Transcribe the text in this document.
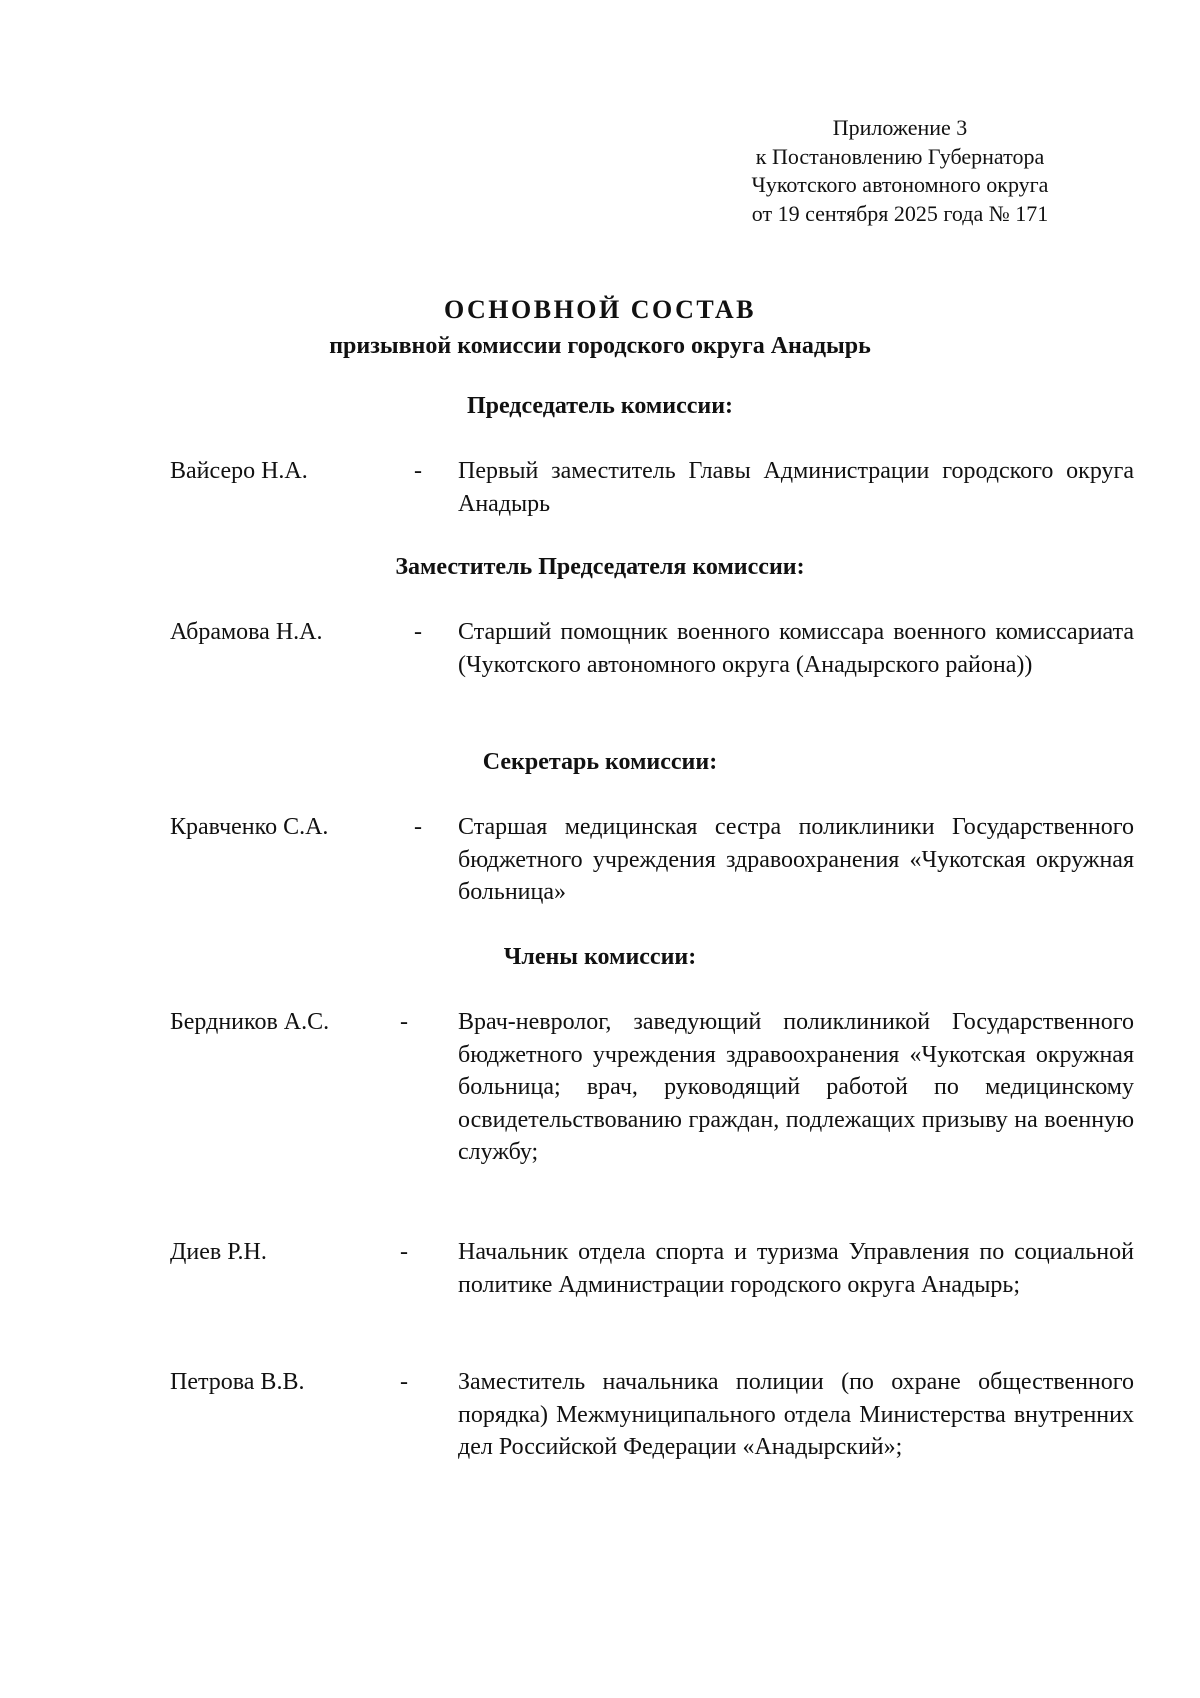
Приложение 3
к Постановлению Губернатора
Чукотского автономного округа
от 19 сентября 2025 года № 171
ОСНОВНОЙ СОСТАВ
призывной комиссии городского округа Анадырь
Председатель комиссии:
Вайсеро Н.А.	- Первый заместитель Главы Администрации городского округа Анадырь
Заместитель Председателя комиссии:
Абрамова Н.А.	- Старший помощник военного комиссара военного комиссариата (Чукотского автономного округа (Анадырского района))
Секретарь комиссии:
Кравченко С.А.	- Старшая медицинская сестра поликлиники Государственного бюджетного учреждения здравоохранения «Чукотская окружная больница»
Члены комиссии:
Бердников А.С.	- Врач-невролог, заведующий поликлиникой Государственного бюджетного учреждения здравоохранения «Чукотская окружная больница; врач, руководящий работой по медицинскому освидетельствованию граждан, подлежащих призыву на военную службу;
Диев Р.Н.	- Начальник отдела спорта и туризма Управления по социальной политике Администрации городского округа Анадырь;
Петрова В.В.	- Заместитель начальника полиции (по охране общественного порядка) Межмуниципального отдела Министерства внутренних дел Российской Федерации «Анадырский»;
